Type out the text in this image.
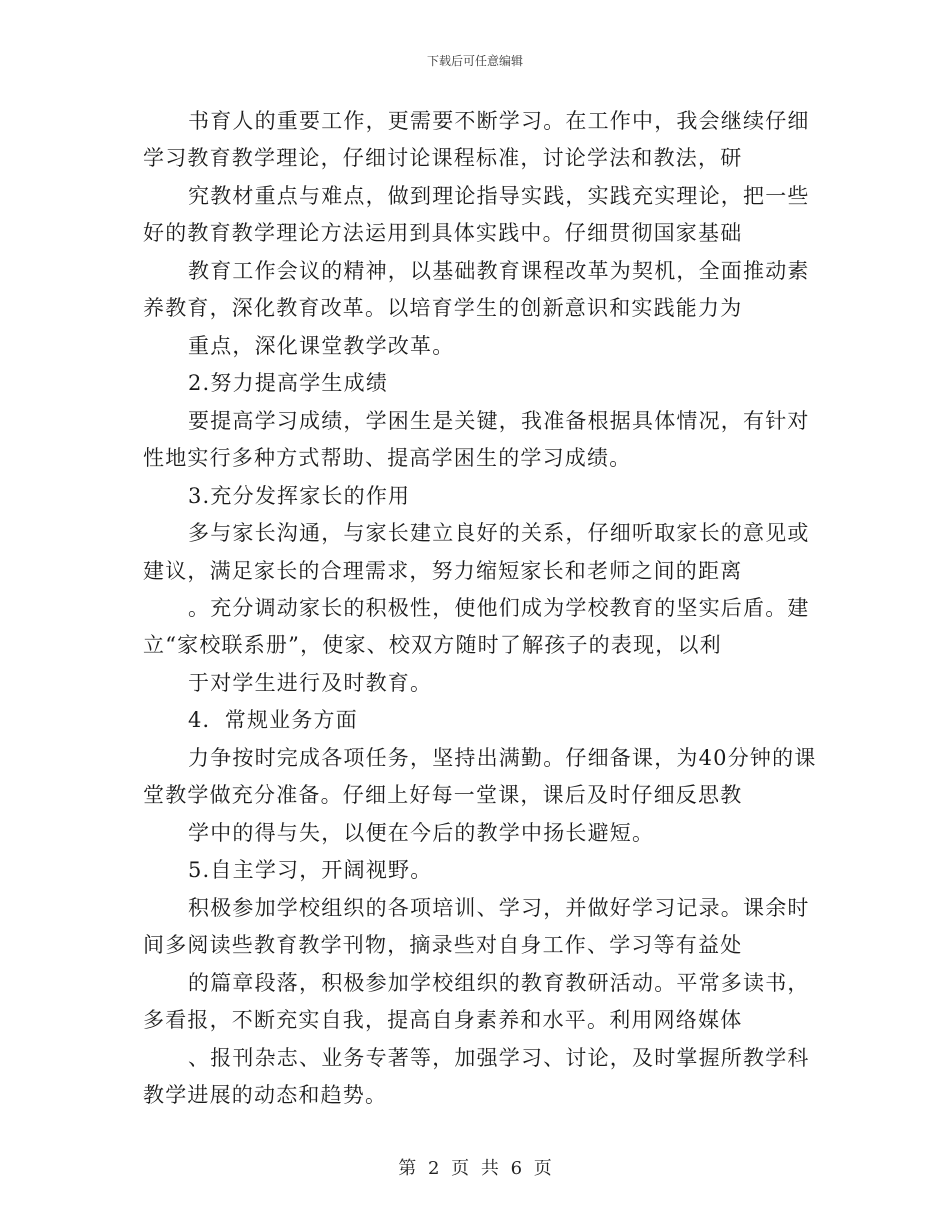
下载后可任意编辑
书育人的重要工作，更需要不断学习。在工作中，我会继续仔细
学习教育教学理论，仔细讨论课程标准，讨论学法和教法，研
究教材重点与难点，做到理论指导实践，实践充实理论，把一些
好的教育教学理论方法运用到具体实践中。仔细贯彻国家基础
教育工作会议的精神，以基础教育课程改革为契机，全面推动素
养教育，深化教育改革。以培育学生的创新意识和实践能力为
重点，深化课堂教学改革。
2.努力提高学生成绩
要提高学习成绩，学困生是关键，我准备根据具体情况，有针对
性地实行多种方式帮助、提高学困生的学习成绩。
3.充分发挥家长的作用
多与家长沟通，与家长建立良好的关系，仔细听取家长的意见或
建议，满足家长的合理需求，努力缩短家长和老师之间的距离
。充分调动家长的积极性，使他们成为学校教育的坚实后盾。建
立“家校联系册”，使家、校双方随时了解孩子的表现，以利
于对学生进行及时教育。
4．常规业务方面
力争按时完成各项任务，坚持出满勤。仔细备课，为40分钟的课
堂教学做充分准备。仔细上好每一堂课，课后及时仔细反思教
学中的得与失，以便在今后的教学中扬长避短。
5.自主学习，开阔视野。
积极参加学校组织的各项培训、学习，并做好学习记录。课余时
间多阅读些教育教学刊物，摘录些对自身工作、学习等有益处
的篇章段落，积极参加学校组织的教育教研活动。平常多读书，
多看报，不断充实自我，提高自身素养和水平。利用网络媒体
、报刊杂志、业务专著等，加强学习、讨论，及时掌握所教学科
教学进展的动态和趋势。
第 2 页 共 6 页
